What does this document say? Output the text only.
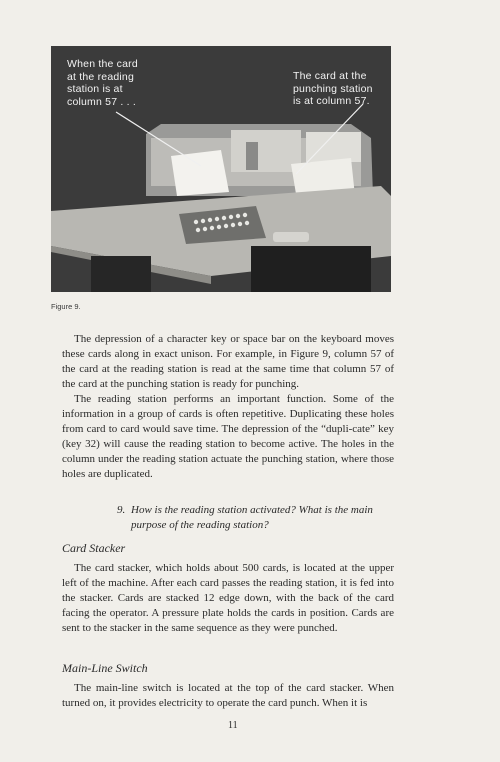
When the card
at the reading
station is at
column 57 . . .
The card at the
punching station
is at column 57.
Figure 9.

The depression of a character key or space bar on the keyboard moves these cards along in exact unison. For example, in Figure 9, column 57 of the card at the reading station is read at the same time that column 57 of the card at the punching station is ready for punching.

The reading station performs an important function. Some of the information in a group of cards is often repetitive. Duplicating these holes from card to card would save time. The depression of the “dupli-cate” key (key 32) will cause the reading station to become active. The holes in the column under the reading station actuate the punching station, where those holes are duplicated.

9. How is the reading station activated? What is the main
purpose of the reading station?
Card Stacker

The card stacker, which holds about 500 cards, is located at the upper left of the machine. After each card passes the reading station, it is fed into the stacker. Cards are stacked 12 edge down, with the back of the card facing the operator. A pressure plate holds the cards in position. Cards are sent to the stacker in the same sequence as they were punched.

Main-Line Switch

The main-line switch is located at the top of the card stacker. When turned on, it provides electricity to operate the card punch. When it is

11
